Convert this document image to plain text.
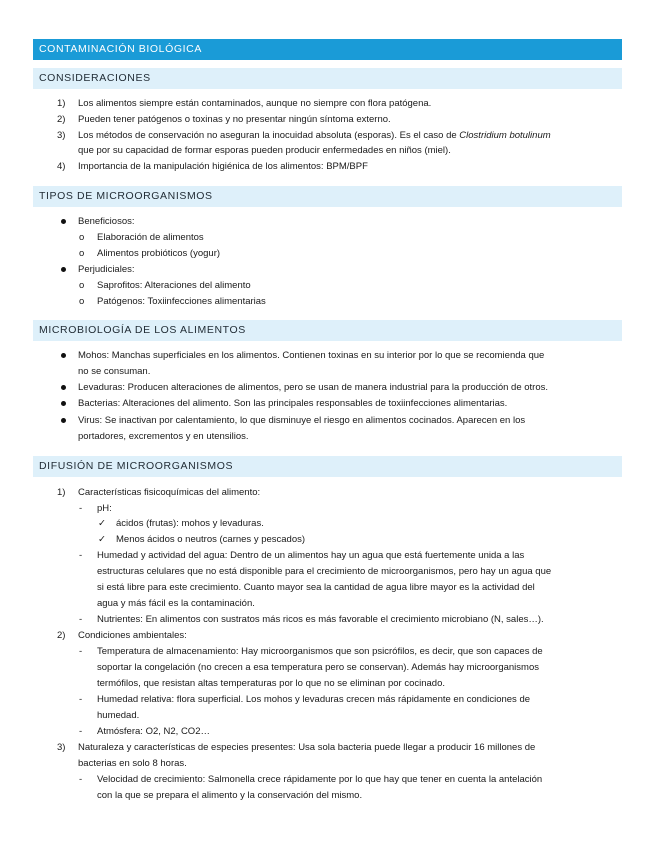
CONTAMINACIÓN BIOLÓGICA
CONSIDERACIONES
1) Los alimentos siempre están contaminados, aunque no siempre con flora patógena.
2) Pueden tener patógenos o toxinas y no presentar ningún síntoma externo.
3) Los métodos de conservación no aseguran la inocuidad absoluta (esporas). Es el caso de Clostridium botulinum
que por su capacidad de formar esporas pueden producir enfermedades en niños (miel).
4) Importancia de la manipulación higiénica de los alimentos: BPM/BPF
TIPOS DE MICROORGANISMOS
Beneficiosos:
o Elaboración de alimentos
o Alimentos probióticos (yogur)
Perjudiciales:
o Saprofitos: Alteraciones del alimento
o Patógenos: Toxiinfecciones alimentarias
MICROBIOLOGÍA DE LOS ALIMENTOS
Mohos: Manchas superficiales en los alimentos. Contienen toxinas en su interior por lo que se recomienda que
no se consuman.
Levaduras: Producen alteraciones de alimentos, pero se usan de manera industrial para la producción de otros.
Bacterias: Alteraciones del alimento. Son las principales responsables de toxiinfecciones alimentarias.
Virus: Se inactivan por calentamiento, lo que disminuye el riesgo en alimentos cocinados. Aparecen en los
portadores, excrementos y en utensilios.
DIFUSIÓN DE MICROORGANISMOS
1) Características fisicoquímicas del alimento:
- pH:
✓ ácidos (frutas): mohos y levaduras.
✓ Menos ácidos o neutros (carnes y pescados)
- Humedad y actividad del agua: Dentro de un alimentos hay un agua que está fuertemente unida a las
estructuras celulares que no está disponible para el crecimiento de microorganismos, pero hay un agua que
si está libre para este crecimiento. Cuanto mayor sea la cantidad de agua libre mayor es la actividad del
agua y más fácil es la contaminación.
- Nutrientes: En alimentos con sustratos más ricos es más favorable el crecimiento microbiano (N, sales…).
2) Condiciones ambientales:
- Temperatura de almacenamiento: Hay microorganismos que son psicrófilos, es decir, que son capaces de
soportar la congelación (no crecen a esa temperatura pero se conservan). Además hay microorganismos
termófilos, que resistan altas temperaturas por lo que no se eliminan por cocinado.
- Humedad relativa: flora superficial. Los mohos y levaduras crecen más rápidamente en condiciones de
humedad.
- Atmósfera: O2, N2, CO2…
3) Naturaleza y características de especies presentes: Usa sola bacteria puede llegar a producir 16 millones de
bacterias en solo 8 horas.
- Velocidad de crecimiento: Salmonella crece rápidamente por lo que hay que tener en cuenta la antelación
con la que se prepara el alimento y la conservación del mismo.
